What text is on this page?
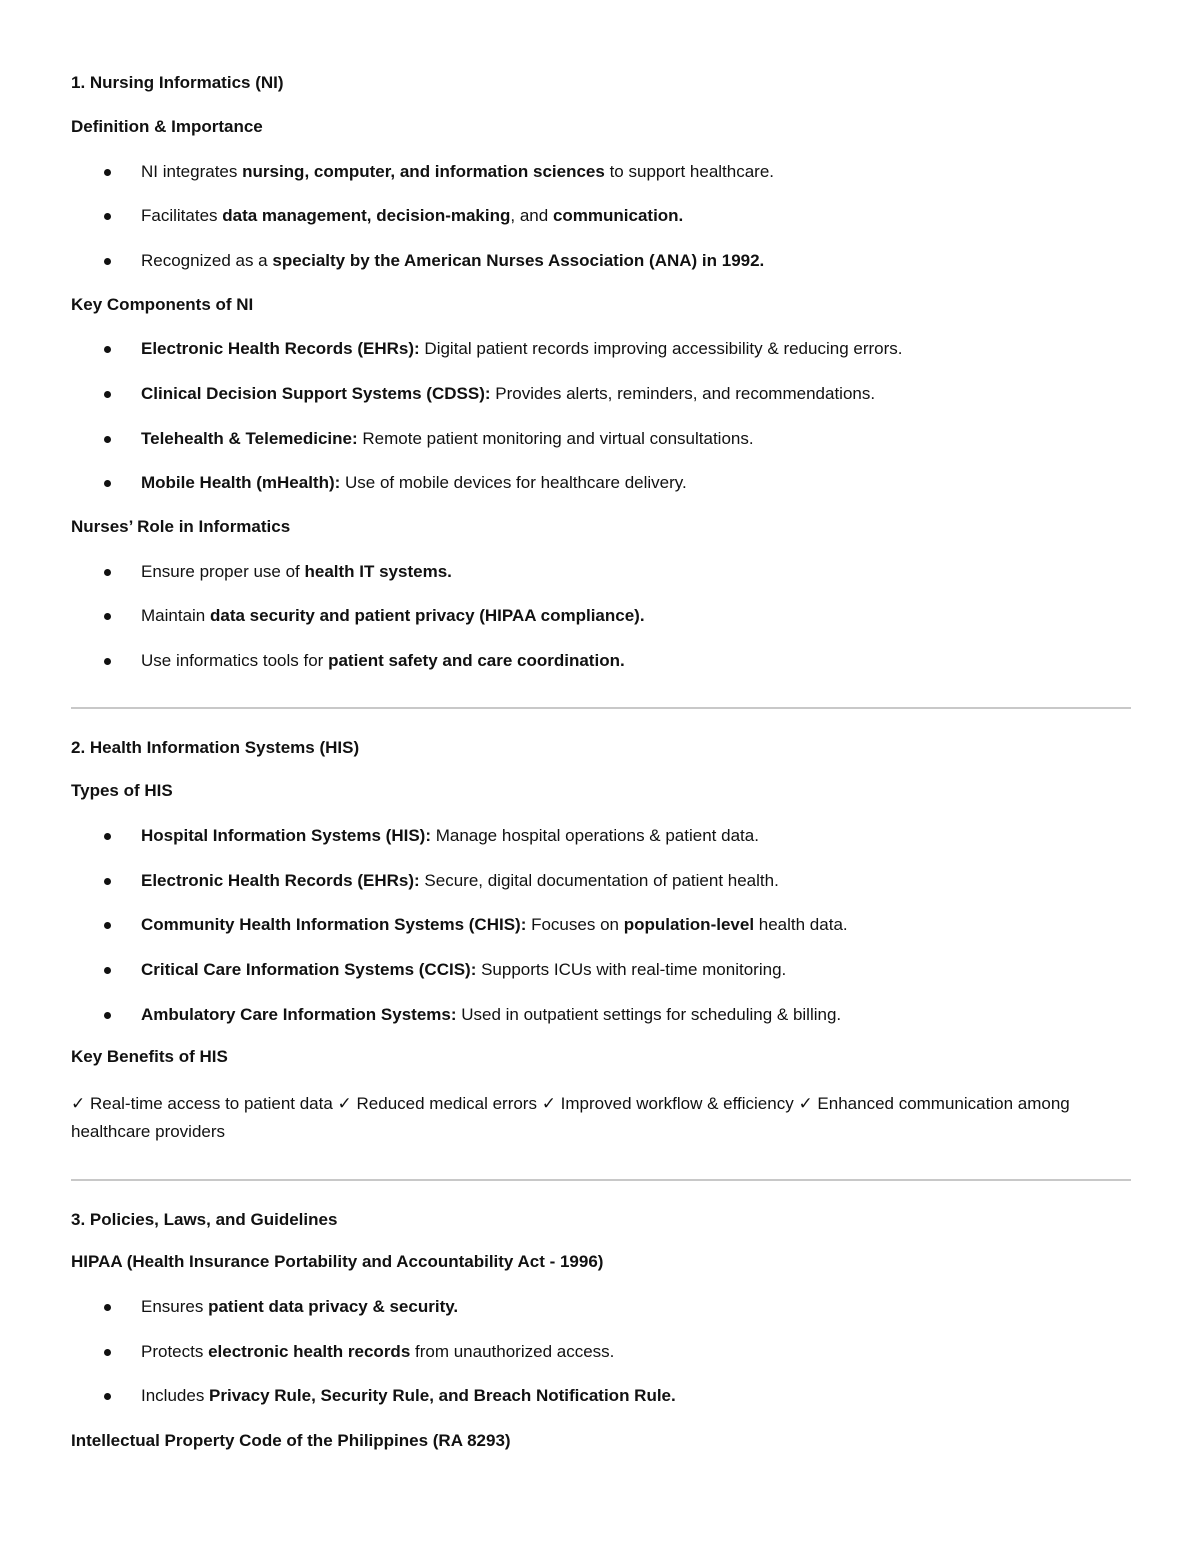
1. Nursing Informatics (NI)
Definition & Importance
NI integrates nursing, computer, and information sciences to support healthcare.
Facilitates data management, decision-making, and communication.
Recognized as a specialty by the American Nurses Association (ANA) in 1992.
Key Components of NI
Electronic Health Records (EHRs): Digital patient records improving accessibility & reducing errors.
Clinical Decision Support Systems (CDSS): Provides alerts, reminders, and recommendations.
Telehealth & Telemedicine: Remote patient monitoring and virtual consultations.
Mobile Health (mHealth): Use of mobile devices for healthcare delivery.
Nurses’ Role in Informatics
Ensure proper use of health IT systems.
Maintain data security and patient privacy (HIPAA compliance).
Use informatics tools for patient safety and care coordination.
2. Health Information Systems (HIS)
Types of HIS
Hospital Information Systems (HIS): Manage hospital operations & patient data.
Electronic Health Records (EHRs): Secure, digital documentation of patient health.
Community Health Information Systems (CHIS): Focuses on population-level health data.
Critical Care Information Systems (CCIS): Supports ICUs with real-time monitoring.
Ambulatory Care Information Systems: Used in outpatient settings for scheduling & billing.
Key Benefits of HIS
✓ Real-time access to patient data ✓ Reduced medical errors ✓ Improved workflow & efficiency ✓ Enhanced communication among healthcare providers
3. Policies, Laws, and Guidelines
HIPAA (Health Insurance Portability and Accountability Act - 1996)
Ensures patient data privacy & security.
Protects electronic health records from unauthorized access.
Includes Privacy Rule, Security Rule, and Breach Notification Rule.
Intellectual Property Code of the Philippines (RA 8293)
